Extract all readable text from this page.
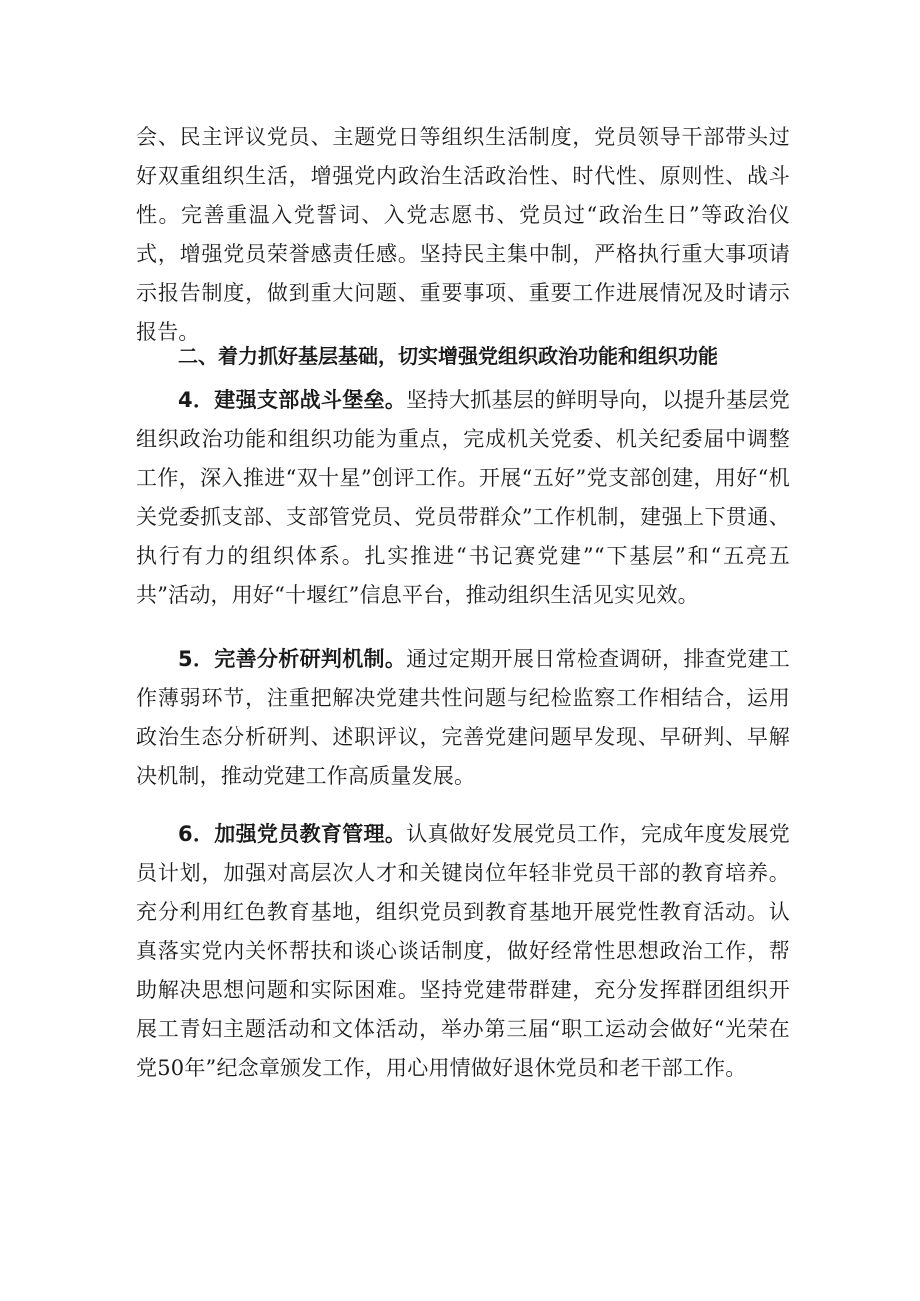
会、民主评议党员、主题党日等组织生活制度，党员领导干部带头过好双重组织生活，增强党内政治生活政治性、时代性、原则性、战斗性。完善重温入党誓词、入党志愿书、党员过“政治生日”等政治仪式，增强党员荣誉感责任感。坚持民主集中制，严格执行重大事项请示报告制度，做到重大问题、重要事项、重要工作进展情况及时请示报告。

二、着力抓好基层基础，切实增强党组织政治功能和组织功能

4．建强支部战斗堡垒。坚持大抓基层的鲜明导向，以提升基层党组织政治功能和组织功能为重点，完成机关党委、机关纪委届中调整工作，深入推进“双十星”创评工作。开展“五好”党支部创建，用好“机关党委抓支部、支部管党员、党员带群众”工作机制，建强上下贯通、执行有力的组织体系。扎实推进“书记赛党建”“下基层”和“五亮五共”活动，用好“十堰红”信息平台，推动组织生活见实见效。

5．完善分析研判机制。通过定期开展日常检查调研，排查党建工作薄弱环节，注重把解决党建共性问题与纪检监察工作相结合，运用政治生态分析研判、述职评议，完善党建问题早发现、早研判、早解决机制，推动党建工作高质量发展。

6．加强党员教育管理。认真做好发展党员工作，完成年度发展党员计划，加强对高层次人才和关键岗位年轻非党员干部的教育培养。充分利用红色教育基地，组织党员到教育基地开展党性教育活动。认真落实党内关怀帮扶和谈心谈话制度，做好经常性思想政治工作，帮助解决思想问题和实际困难。坚持党建带群建，充分发挥群团组织开展工青妇主题活动和文体活动，举办第三届“职工运动会做好“光荣在党50年”纪念章颁发工作，用心用情做好退休党员和老干部工作。
